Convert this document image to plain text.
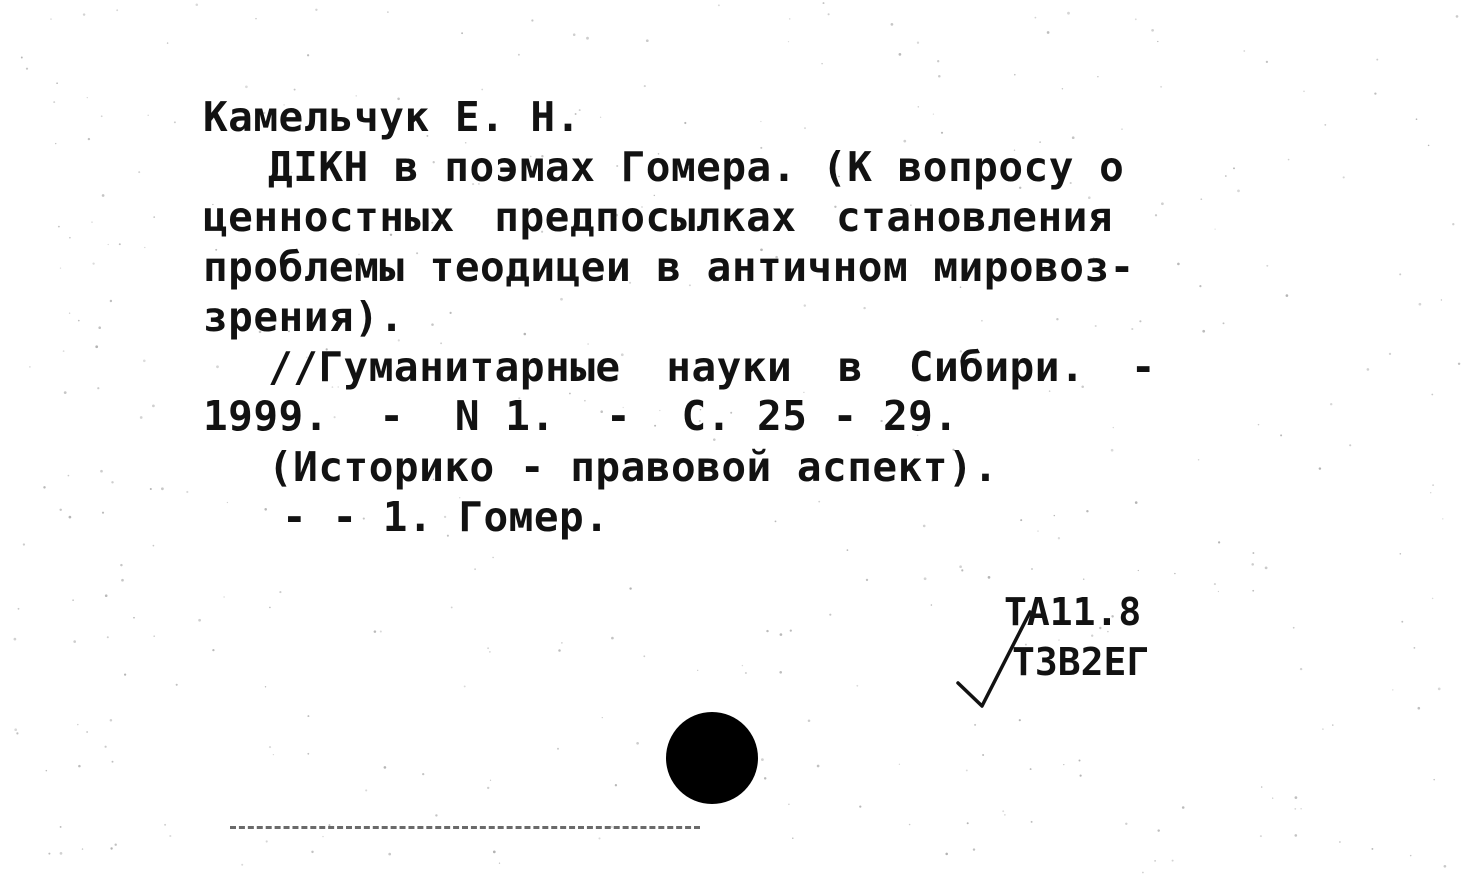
Камельчук Е. Н.
ДІКН в поэмах Гомера. (К вопросу о
ценностных предпосылках становления
проблемы теодицеи в античном мировоз-
зрения).
//Гуманитарные науки в Сибири. -
1999.  -  N 1.  -  С. 25 - 29.
(Историко - правовой аспект).
- - 1. Гомер.
ТА11.8
Т3В2ЕГ
